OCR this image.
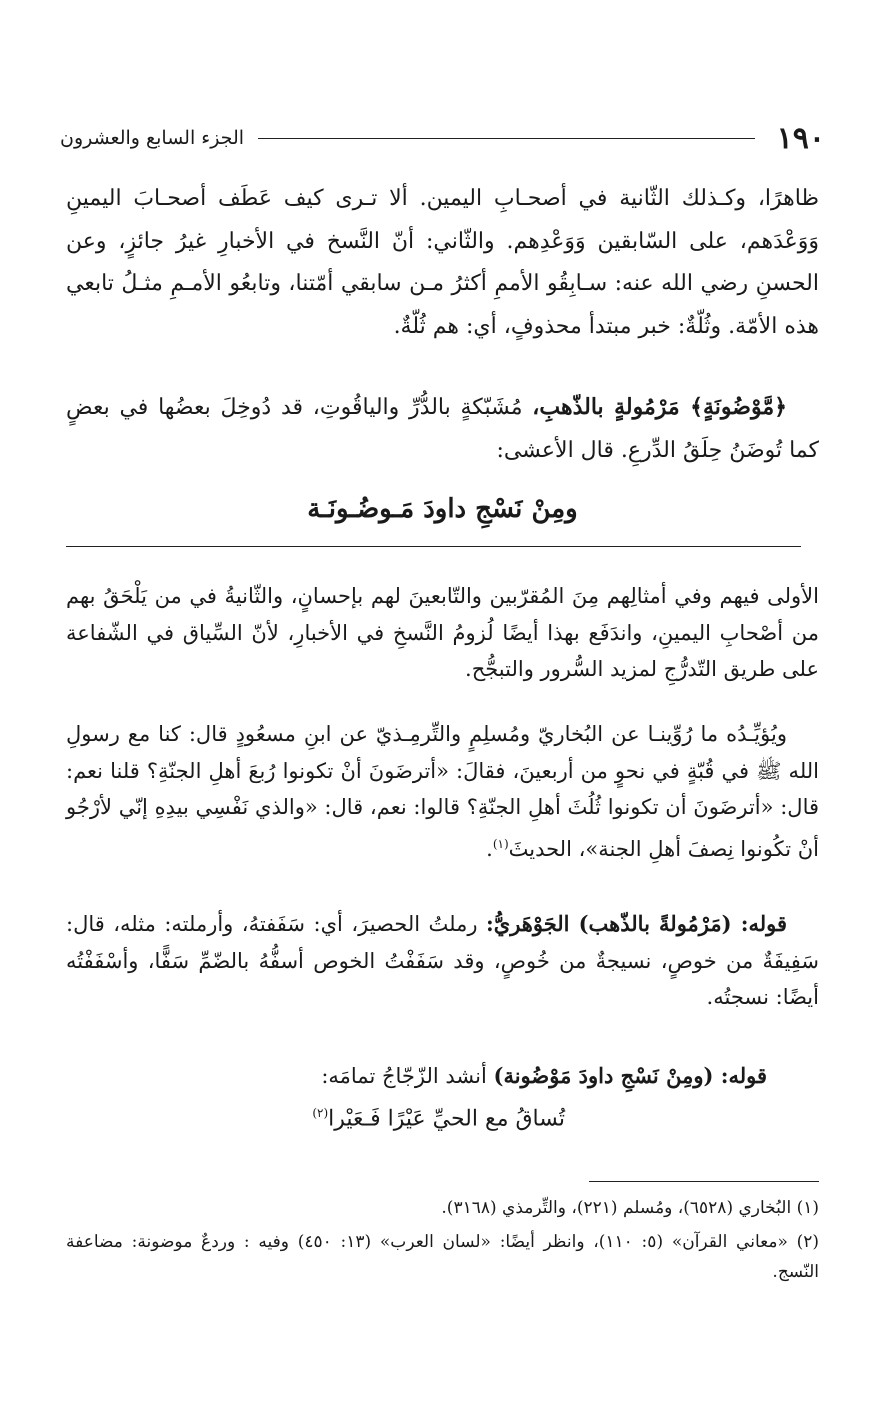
١٩٠
الجزء السابع والعشرون

ظاهرًا، وكـذلك الثّانية في أصحـابِ اليمين. ألا تـرى كيف عَطَف أصحـابَ اليمينِ وَوَعْدَهم، على السّابقين وَوَعْدِهم. والثّاني: أنّ النَّسخ في الأخبارِ غيرُ جائزٍ، وعن الحسنِ رضي الله عنه: سـابِقُو الأممِ أكثرُ مـن سابقي أمّتنا، وتابعُو الأمـمِ مثـلُ تابعي هذه الأمّة. وثُلّةٌ: خبر مبتدأ محذوفٍ، أي: هم ثُلّةٌ.

﴿مَّوْضُونَةٍ﴾ مَرْمُولةٍ بالذّهبِ، مُشَبّكةٍ بالدُّرِّ والياقُوتِ، قد دُوخِلَ بعضُها في بعضٍ كما تُوضَنُ حِلَقُ الدِّرعِ. قال الأعشى:

ومِنْ نَسْجِ داودَ مَـوضُـونَـة

الأولى فيهم وفي أمثالِهم مِنَ المُقرّبين والتّابعينَ لهم بإحسانٍ، والثّانيةُ في من يَلْحَقُ بهم من أصْحابِ اليمينِ، واندَفَع بهذا أيضًا لُزومُ النَّسخِ في الأخبارِ، لأنّ السِّياق في الشّفاعة على طريق التّدرُّجِ لمزيد السُّرور والتبجُّح.

ويُؤيِّـدُه ما رُوِّينـا عن البُخاريّ ومُسلِمٍ والتِّرمِـذيّ عن ابنِ مسعُودٍ قال: كنا مع رسولِ الله ﷺ في قُبّةٍ في نحوٍ من أربعينَ، فقالَ: «أترضَونَ أنْ تكونوا رُبعَ أهلِ الجنّةِ؟ قلنا نعم: قال: «أترضَونَ أن تكونوا ثُلُثَ أهلِ الجنّةِ؟ قالوا: نعم، قال: «والذي نَفْسِي بيدِهِ إنّي لأرْجُو أنْ تكُونوا نِصفَ أهلِ الجنة»، الحديثَ$^{(١)}$.

قوله: (مَرْمُولةً بالذّهب) الجَوْهَريُّ: رملتُ الحصيرَ، أي: سَفَفتهُ، وأرملته: مثله، قال: سَفِيفَةٌ من خوصٍ، نسيجةٌ من خُوصٍ، وقد سَفَفْتُ الخوص أسفُّهُ بالضّمِّ سَفًّا، وأسْفَفْتُه أيضًا: نسجتُه.

قوله: (ومِنْ نَسْجِ داودَ مَوْضُونة) أنشد الزّجّاجُ تمامَه:

تُساقُ مع الحيِّ عَيْرًا فَـعَيْرا$^{(٢)}$

(١) البُخاري (٦٥٢٨)، ومُسلم (٢٢١)، والتِّرمذي (٣١٦٨).

(٢) «معاني القرآن» (٥: ١١٠)، وانظر أيضًا: «لسان العرب» (١٣: ٤٥٠) وفيه : وردعٌ موضونة: مضاعفة النّسج.
